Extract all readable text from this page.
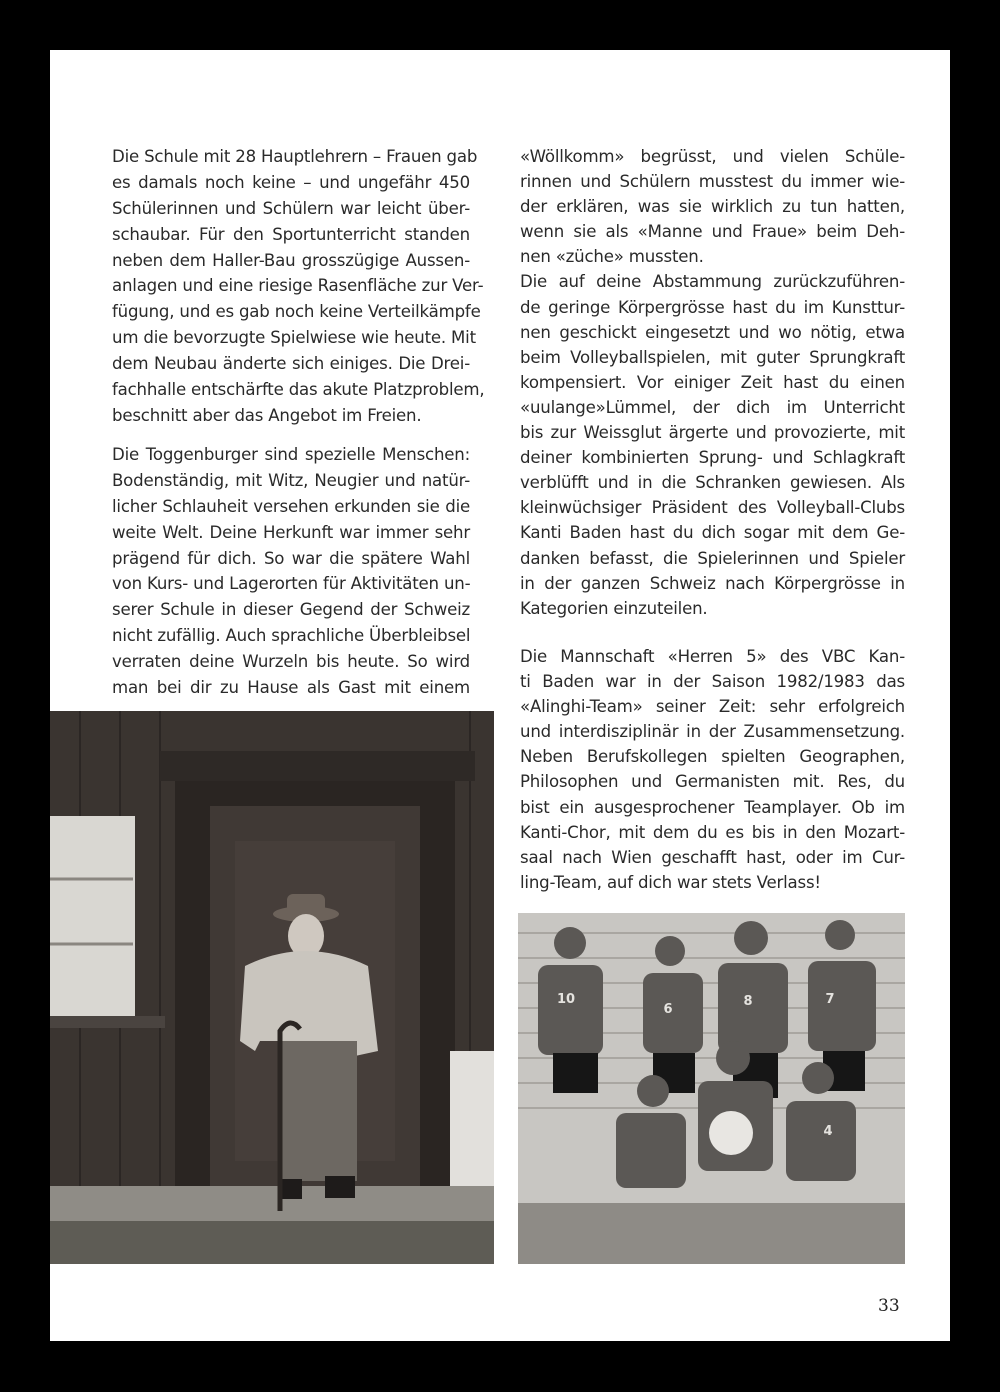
Die Schule mit 28 Hauptlehrern – Frauen gab
es damals noch keine – und ungefähr 450
Schülerinnen und Schülern war leicht über-
schaubar. Für den Sportunterricht standen
neben dem Haller-Bau grosszügige Aussen-
anlagen und eine riesige Rasenfläche zur Ver-
fügung, und es gab noch keine Verteilkämpfe
um die bevorzugte Spielwiese wie heute. Mit
dem Neubau änderte sich einiges. Die Drei-
fachhalle entschärfte das akute Platzproblem,
beschnitt aber das Angebot im Freien.
Die Toggenburger sind spezielle Menschen:
Bodenständig, mit Witz, Neugier und natür-
licher Schlauheit versehen erkunden sie die
weite Welt. Deine Herkunft war immer sehr
prägend für dich. So war die spätere Wahl
von Kurs- und Lagerorten für Aktivitäten un-
serer Schule in dieser Gegend der Schweiz
nicht zufällig. Auch sprachliche Überbleibsel
verraten deine Wurzeln bis heute. So wird
man bei dir zu Hause als Gast mit einem
«Wöllkomm» begrüsst, und vielen Schüle-
rinnen und Schülern musstest du immer wie-
der erklären, was sie wirklich zu tun hatten,
wenn sie als «Manne und Fraue» beim Deh-
nen «züche» mussten.
Die auf deine Abstammung zurückzuführen-
de geringe Körpergrösse hast du im Kunsttur-
nen geschickt eingesetzt und wo nötig, etwa
beim Volleyballspielen, mit guter Sprungkraft
kompensiert. Vor einiger Zeit hast du einen
«uulange»Lümmel, der dich im Unterricht
bis zur Weissglut ärgerte und provozierte, mit
deiner kombinierten Sprung- und Schlagkraft
verblüfft und in die Schranken gewiesen. Als
kleinwüchsiger Präsident des Volleyball-Clubs
Kanti Baden hast du dich sogar mit dem Ge-
danken befasst, die Spielerinnen und Spieler
in der ganzen Schweiz nach Körpergrösse in
Kategorien einzuteilen.
Die Mannschaft «Herren 5» des VBC Kan-
ti Baden war in der Saison 1982/1983 das
«Alinghi-Team» seiner Zeit: sehr erfolgreich
und interdisziplinär in der Zusammensetzung.
Neben Berufskollegen spielten Geographen,
Philosophen und Germanisten mit. Res, du
bist ein ausgesprochener Teamplayer. Ob im
Kanti-Chor, mit dem du es bis in den Mozart-
saal nach Wien geschafft hast, oder im Cur-
ling-Team, auf dich war stets Verlass!
10
6
8	7
4
33
